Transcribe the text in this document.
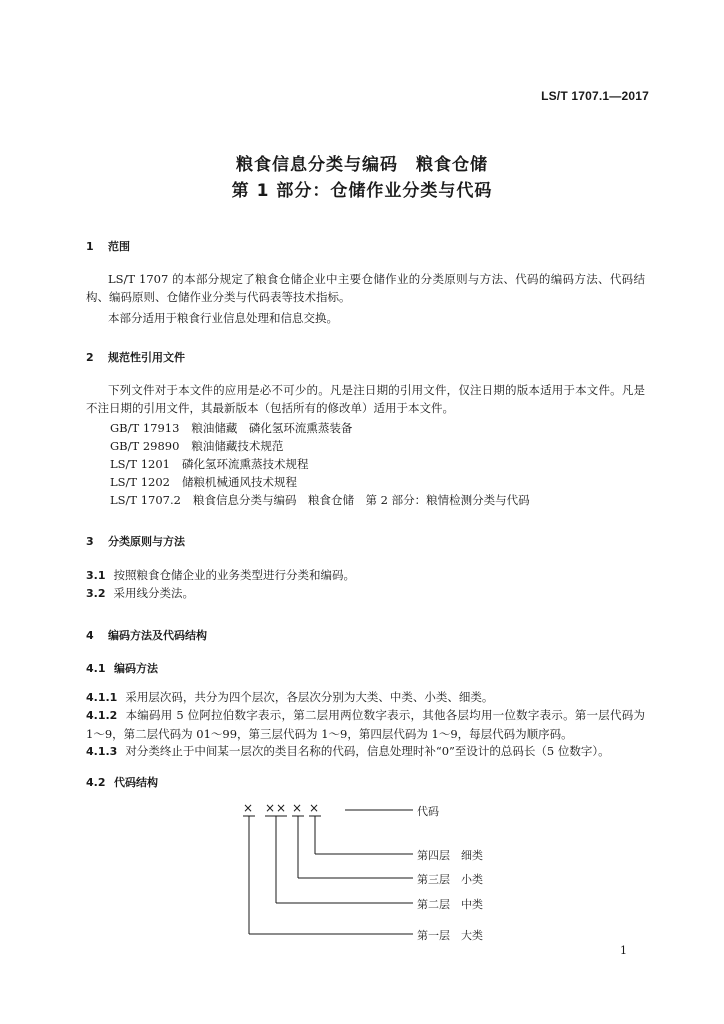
LS/T 1707.1—2017
粮食信息分类与编码　粮食仓储
第 1 部分：仓储作业分类与代码
1 范围
LS/T 1707 的本部分规定了粮食仓储企业中主要仓储作业的分类原则与方法、代码的编码方法、代码结构、编码原则、仓储作业分类与代码表等技术指标。
本部分适用于粮食行业信息处理和信息交换。
2 规范性引用文件
下列文件对于本文件的应用是必不可少的。凡是注日期的引用文件，仅注日期的版本适用于本文件。凡是不注日期的引用文件，其最新版本（包括所有的修改单）适用于本文件。
GB/T 17913 粮油储藏　磷化氢环流熏蒸装备
GB/T 29890 粮油储藏技术规范
LS/T 1201 磷化氢环流熏蒸技术规程
LS/T 1202 储粮机械通风技术规程
LS/T 1707.2 粮食信息分类与编码　粮食仓储　第 2 部分：粮情检测分类与代码
3 分类原则与方法
3.1 按照粮食仓储企业的业务类型进行分类和编码。
3.2 采用线分类法。
4 编码方法及代码结构
4.1 编码方法
4.1.1 采用层次码，共分为四个层次，各层次分别为大类、中类、小类、细类。
4.1.2 本编码用 5 位阿拉伯数字表示，第二层用两位数字表示，其他各层均用一位数字表示。第一层代码为 1～9，第二层代码为 01～99，第三层代码为 1～9，第四层代码为 1～9，每层代码为顺序码。
4.1.3 对分类终止于中间某一层次的类目名称的代码，信息处理时补“0”至设计的总码长（5 位数字）。
4.2 代码结构
× × × × ×	代码
第四层　细类
第三层　小类
第二层　中类
第一层　大类
1
